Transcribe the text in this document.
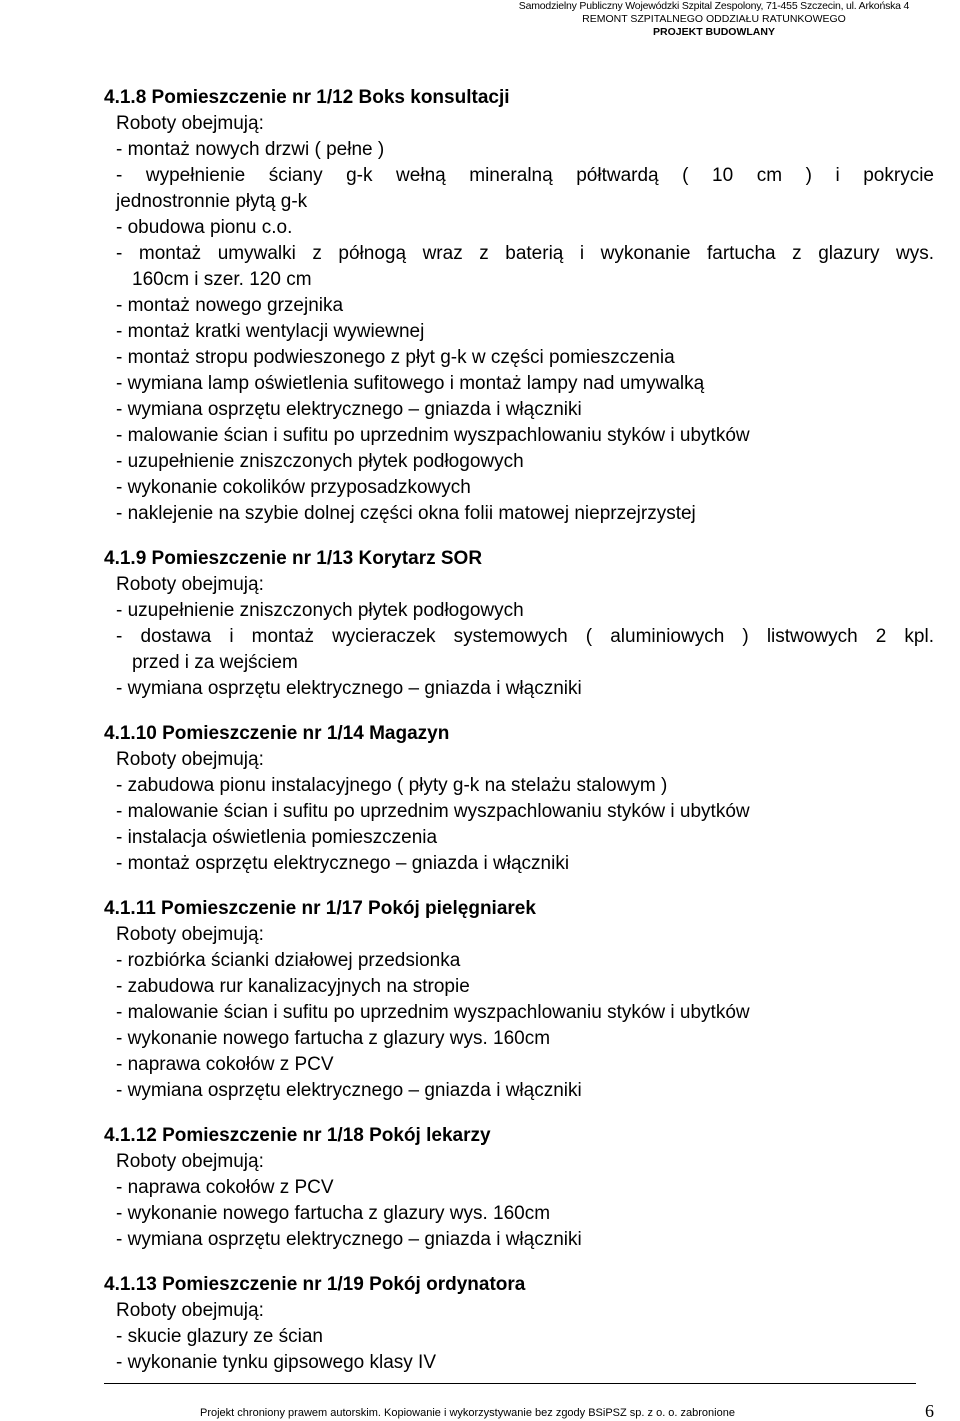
Samodzielny Publiczny Wojewódzki Szpital Zespolony, 71-455 Szczecin, ul. Arkońska 4
REMONT SZPITALNEGO ODDZIAŁU RATUNKOWEGO
PROJEKT BUDOWLANY
4.1.8 Pomieszczenie nr 1/12 Boks konsultacji
Roboty obejmują:
- montaż nowych drzwi ( pełne )
- wypełnienie ściany g-k wełną mineralną półtwardą ( 10 cm ) i pokrycie
jednostronnie płytą g-k
- obudowa pionu c.o.
- montaż umywalki z półnogą wraz z baterią i wykonanie fartucha z glazury wys.
160cm i szer. 120 cm
- montaż nowego grzejnika
- montaż kratki wentylacji wywiewnej
- montaż stropu podwieszonego z płyt g-k w części pomieszczenia
- wymiana lamp oświetlenia sufitowego i montaż lampy nad umywalką
- wymiana osprzętu elektrycznego – gniazda i włączniki
- malowanie ścian i sufitu po uprzednim wyszpachlowaniu styków i ubytków
- uzupełnienie zniszczonych płytek podłogowych
- wykonanie cokolików przyposadzkowych
- naklejenie na szybie dolnej części okna folii matowej nieprzejrzystej
4.1.9 Pomieszczenie nr 1/13 Korytarz SOR
Roboty obejmują:
- uzupełnienie zniszczonych płytek podłogowych
- dostawa i montaż wycieraczek systemowych ( aluminiowych ) listwowych 2 kpl.
przed i za wejściem
- wymiana osprzętu elektrycznego – gniazda i włączniki
4.1.10 Pomieszczenie nr 1/14 Magazyn
Roboty obejmują:
- zabudowa pionu instalacyjnego ( płyty g-k na stelażu stalowym )
- malowanie ścian i sufitu po uprzednim wyszpachlowaniu styków i ubytków
- instalacja oświetlenia pomieszczenia
- montaż osprzętu elektrycznego – gniazda i włączniki
4.1.11 Pomieszczenie nr 1/17 Pokój pielęgniarek
Roboty obejmują:
- rozbiórka ścianki działowej przedsionka
- zabudowa rur kanalizacyjnych na stropie
- malowanie ścian i sufitu po uprzednim wyszpachlowaniu styków i ubytków
- wykonanie nowego fartucha z glazury wys. 160cm
- naprawa cokołów z PCV
- wymiana osprzętu elektrycznego – gniazda i włączniki
4.1.12 Pomieszczenie nr 1/18 Pokój lekarzy
Roboty obejmują:
- naprawa cokołów z PCV
- wykonanie nowego fartucha z glazury wys. 160cm
- wymiana osprzętu elektrycznego – gniazda i włączniki
4.1.13 Pomieszczenie nr 1/19 Pokój ordynatora
Roboty obejmują:
- skucie glazury ze ścian
- wykonanie tynku gipsowego klasy IV
Projekt chroniony prawem autorskim. Kopiowanie i wykorzystywanie bez zgody BSiPSZ sp. z o. o. zabronione	6
